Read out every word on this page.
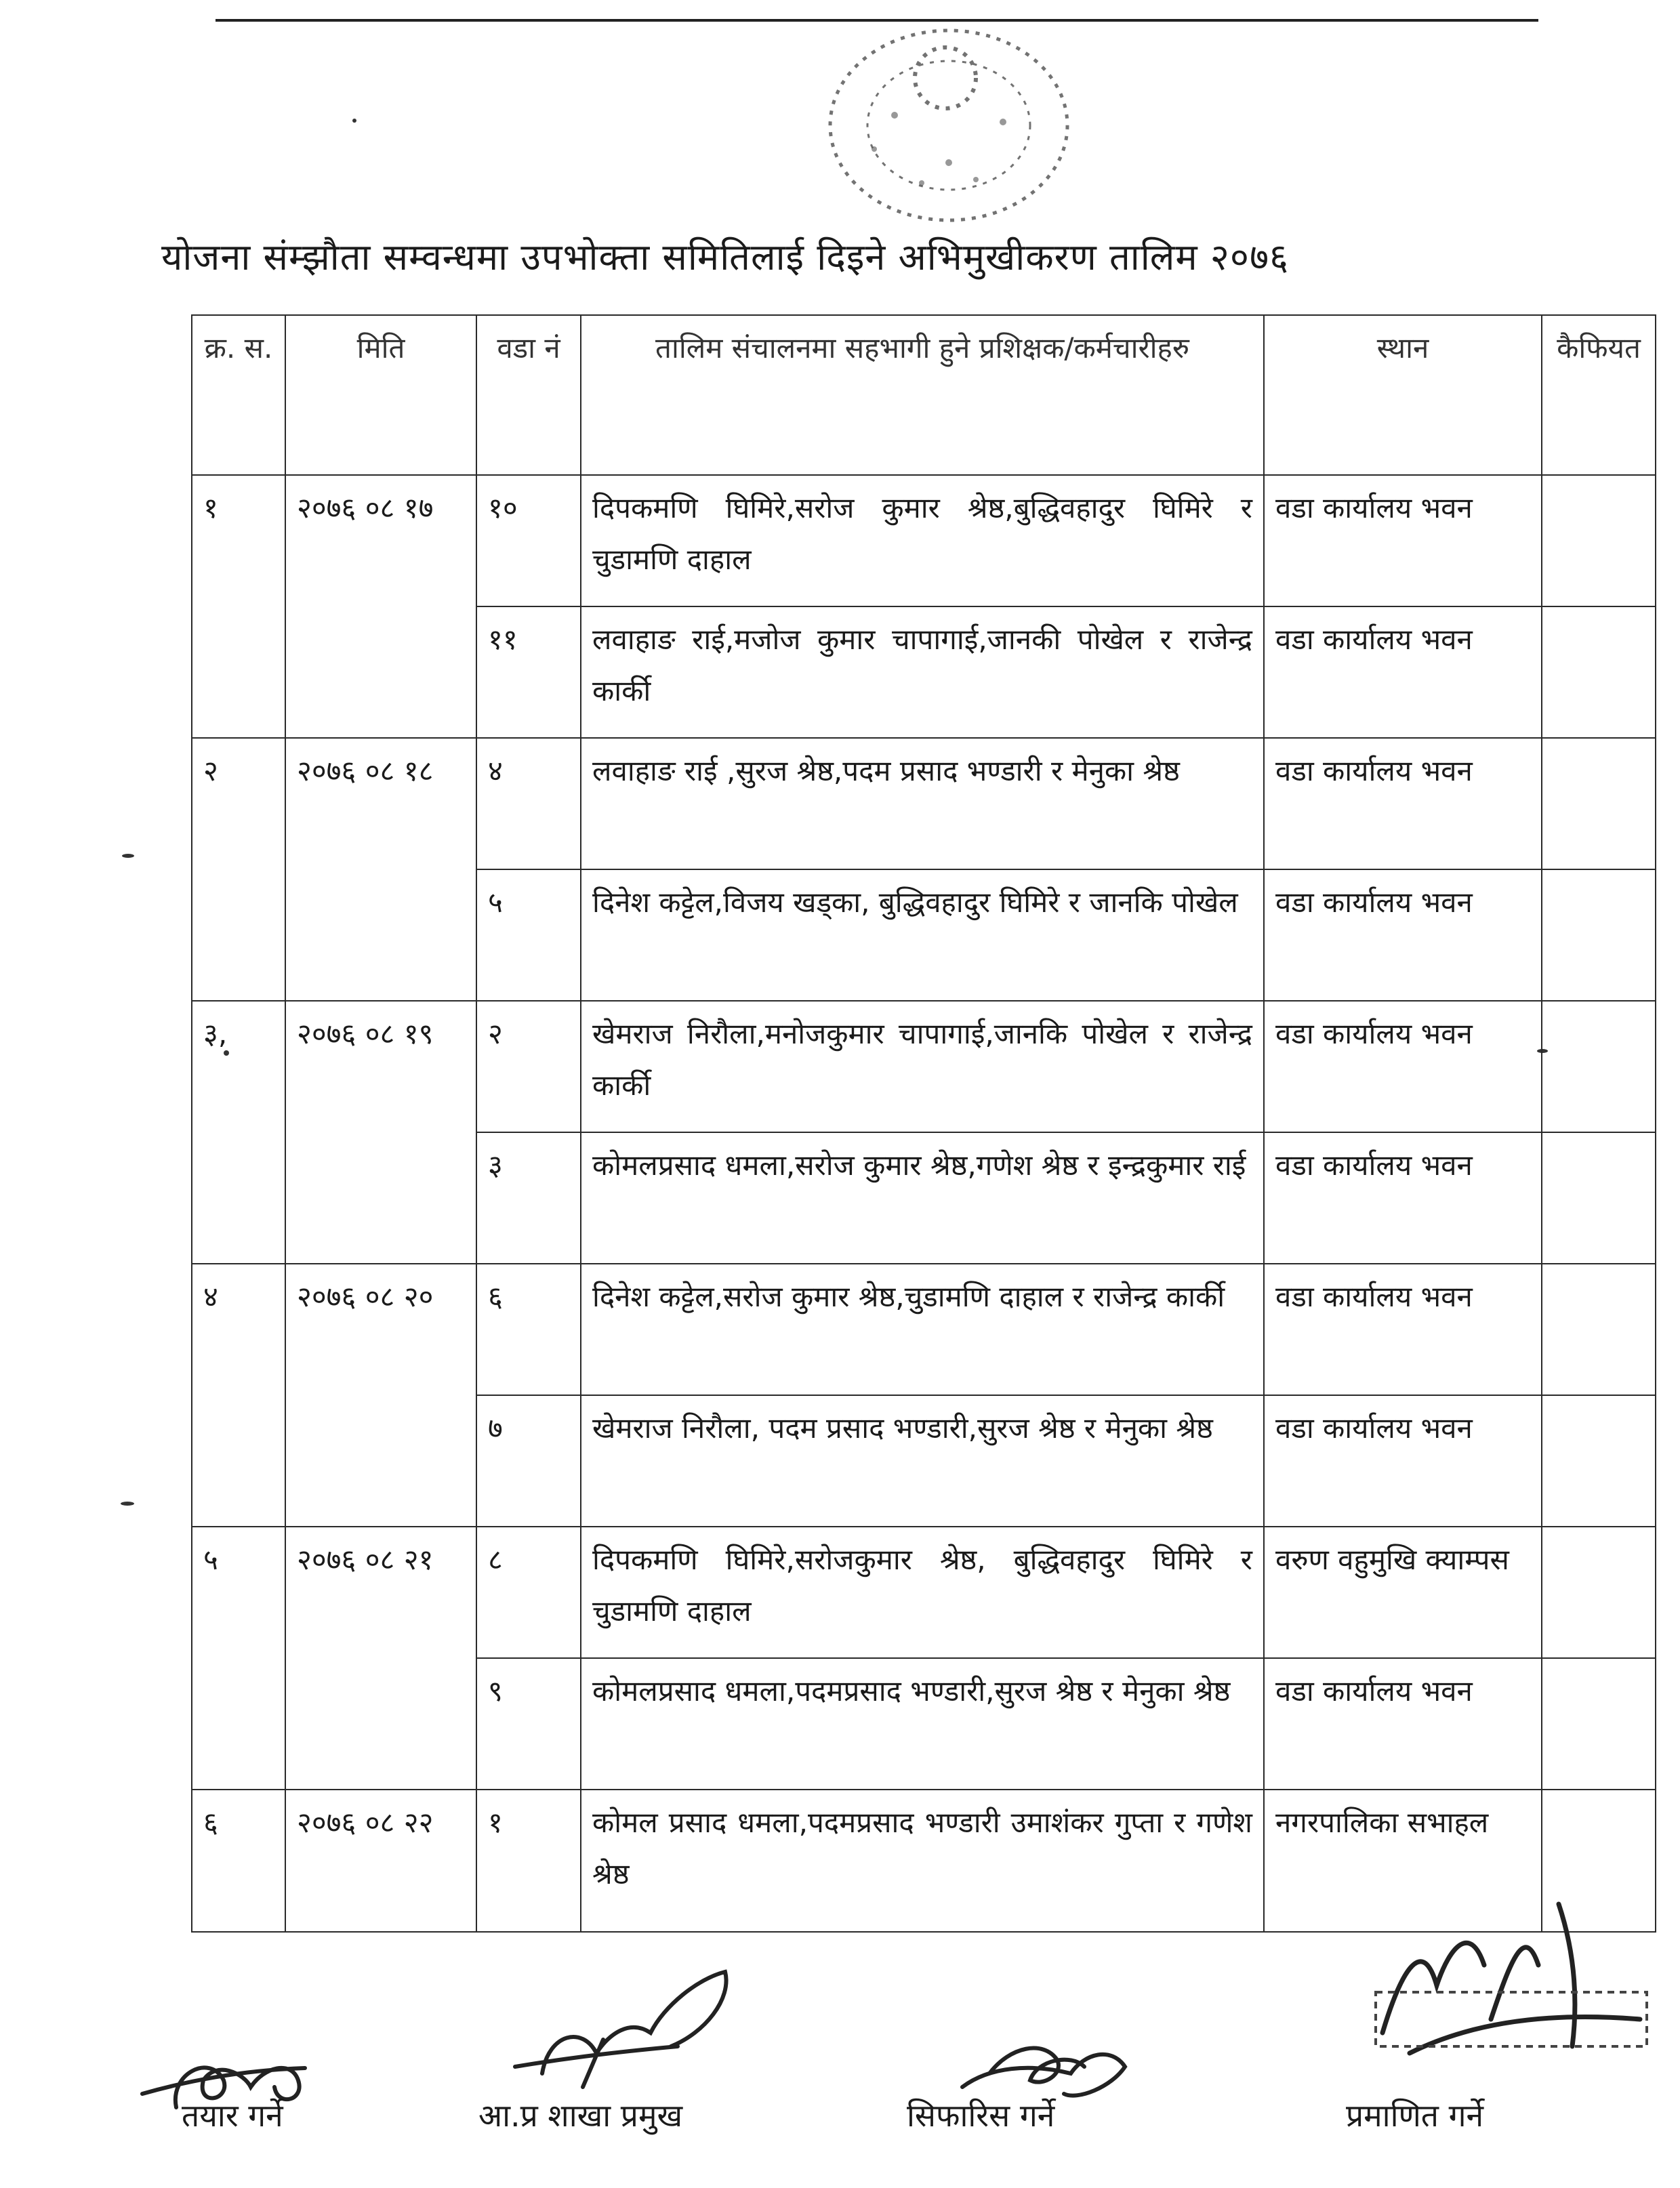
योजना संम्झौता सम्वन्धमा उपभोक्ता समितिलाई दिइने अभिमुखीकरण तालिम २०७६
क्र. स.	मिति	वडा नं	तालिम संचालनमा सहभागी हुने प्रशिक्षक/कर्मचारीहरु	स्थान	कैफियत
१	२०७६ ०८ १७	१०	दिपकमणि घिमिरे,सरोज कुमार श्रेष्ठ,बुद्धिवहादुर घिमिरे र चुडामणि दाहाल	वडा कार्यालय भवन	
		११	लवाहाङ राई,मजोज कुमार चापागाई,जानकी पोखेल र राजेन्द्र कार्की	वडा कार्यालय भवन	
२	२०७६ ०८ १८	४	लवाहाङ राई ,सुरज श्रेष्ठ,पदम प्रसाद भण्डारी र मेनुका श्रेष्ठ	वडा कार्यालय भवन	
		५	दिनेश कट्टेल,विजय खड्का, बुद्धिवहादुर घिमिरे र जानकि पोखेल	वडा कार्यालय भवन	
३,	२०७६ ०८ १९	२	खेमराज निरौला,मनोजकुमार चापागाई,जानकि पोखेल र राजेन्द्र कार्की	वडा कार्यालय भवन	
		३	कोमलप्रसाद धमला,सरोज कुमार श्रेष्ठ,गणेश श्रेष्ठ र इन्द्रकुमार राई	वडा कार्यालय भवन	
४	२०७६ ०८ २०	६	दिनेश कट्टेल,सरोज कुमार श्रेष्ठ,चुडामणि दाहाल र राजेन्द्र कार्की	वडा कार्यालय भवन	
		७	खेमराज निरौला, पदम प्रसाद भण्डारी,सुरज श्रेष्ठ र मेनुका श्रेष्ठ	वडा कार्यालय भवन	
५	२०७६ ०८ २१	८	दिपकमणि घिमिरे,सरोजकुमार श्रेष्ठ, बुद्धिवहादुर घिमिरे र चुडामणि दाहाल	वरुण वहुमुखि क्याम्पस	
		९	कोमलप्रसाद धमला,पदमप्रसाद भण्डारी,सुरज श्रेष्ठ र मेनुका श्रेष्ठ	वडा कार्यालय भवन	
६	२०७६ ०८ २२	१	कोमल प्रसाद धमला,पदमप्रसाद भण्डारी उमाशंकर गुप्ता र गणेश श्रेष्ठ	नगरपालिका सभाहल	
तयार गर्ने	आ.प्र शाखा प्रमुख	सिफारिस गर्ने	प्रमाणित गर्ने
